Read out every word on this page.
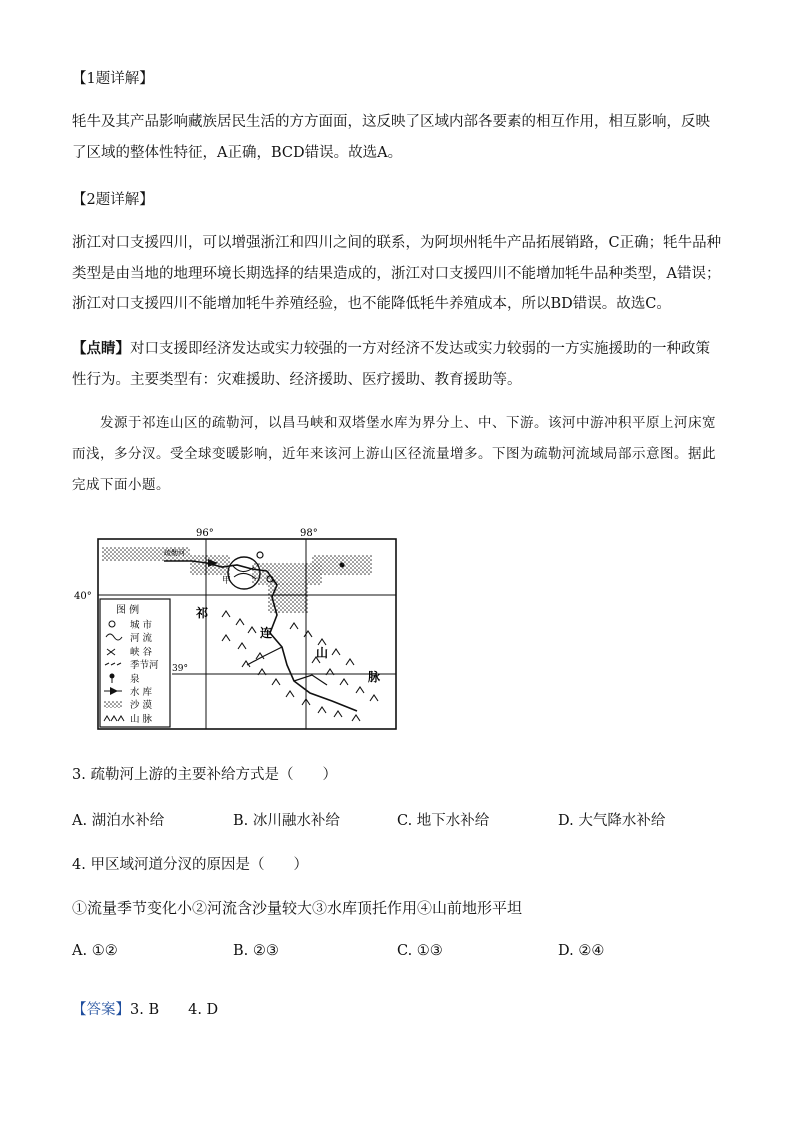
【1题详解】
牦牛及其产品影响藏族居民生活的方方面面，这反映了区域内部各要素的相互作用，相互影响，反映了区域的整体性特征，A正确，BCD错误。故选A。
【2题详解】
浙江对口支援四川，可以增强浙江和四川之间的联系，为阿坝州牦牛产品拓展销路，C正确；牦牛品种类型是由当地的地理环境长期选择的结果造成的，浙江对口支援四川不能增加牦牛品种类型，A错误；浙江对口支援四川不能增加牦牛养殖经验，也不能降低牦牛养殖成本，所以BD错误。故选C。
【点睛】对口支援即经济发达或实力较强的一方对经济不发达或实力较弱的一方实施援助的一种政策性行为。主要类型有：灾难援助、经济援助、医疗援助、教育援助等。
发源于祁连山区的疏勒河，以昌马峡和双塔堡水库为界分上、中、下游。该河中游冲积平原上河床宽而浅，多分汊。受全球变暖影响，近年来该河上游山区径流量增多。下图为疏勒河流域局部示意图。据此完成下面小题。
96°	98°
40°
39°
疏勒河
甲
祁
连
山
脉
图 例
城 市
河 流
峡 谷
季节河
泉
水 库
沙 漠
山 脉
3. 疏勒河上游的主要补给方式是（　　）
A. 湖泊水补给	B. 冰川融水补给	C. 地下水补给	D. 大气降水补给
4. 甲区域河道分汊的原因是（　　）
①流量季节变化小②河流含沙量较大③水库顶托作用④山前地形平坦
A. ①②	B. ②③	C. ①③	D. ②④
【答案】3. B　　4. D
